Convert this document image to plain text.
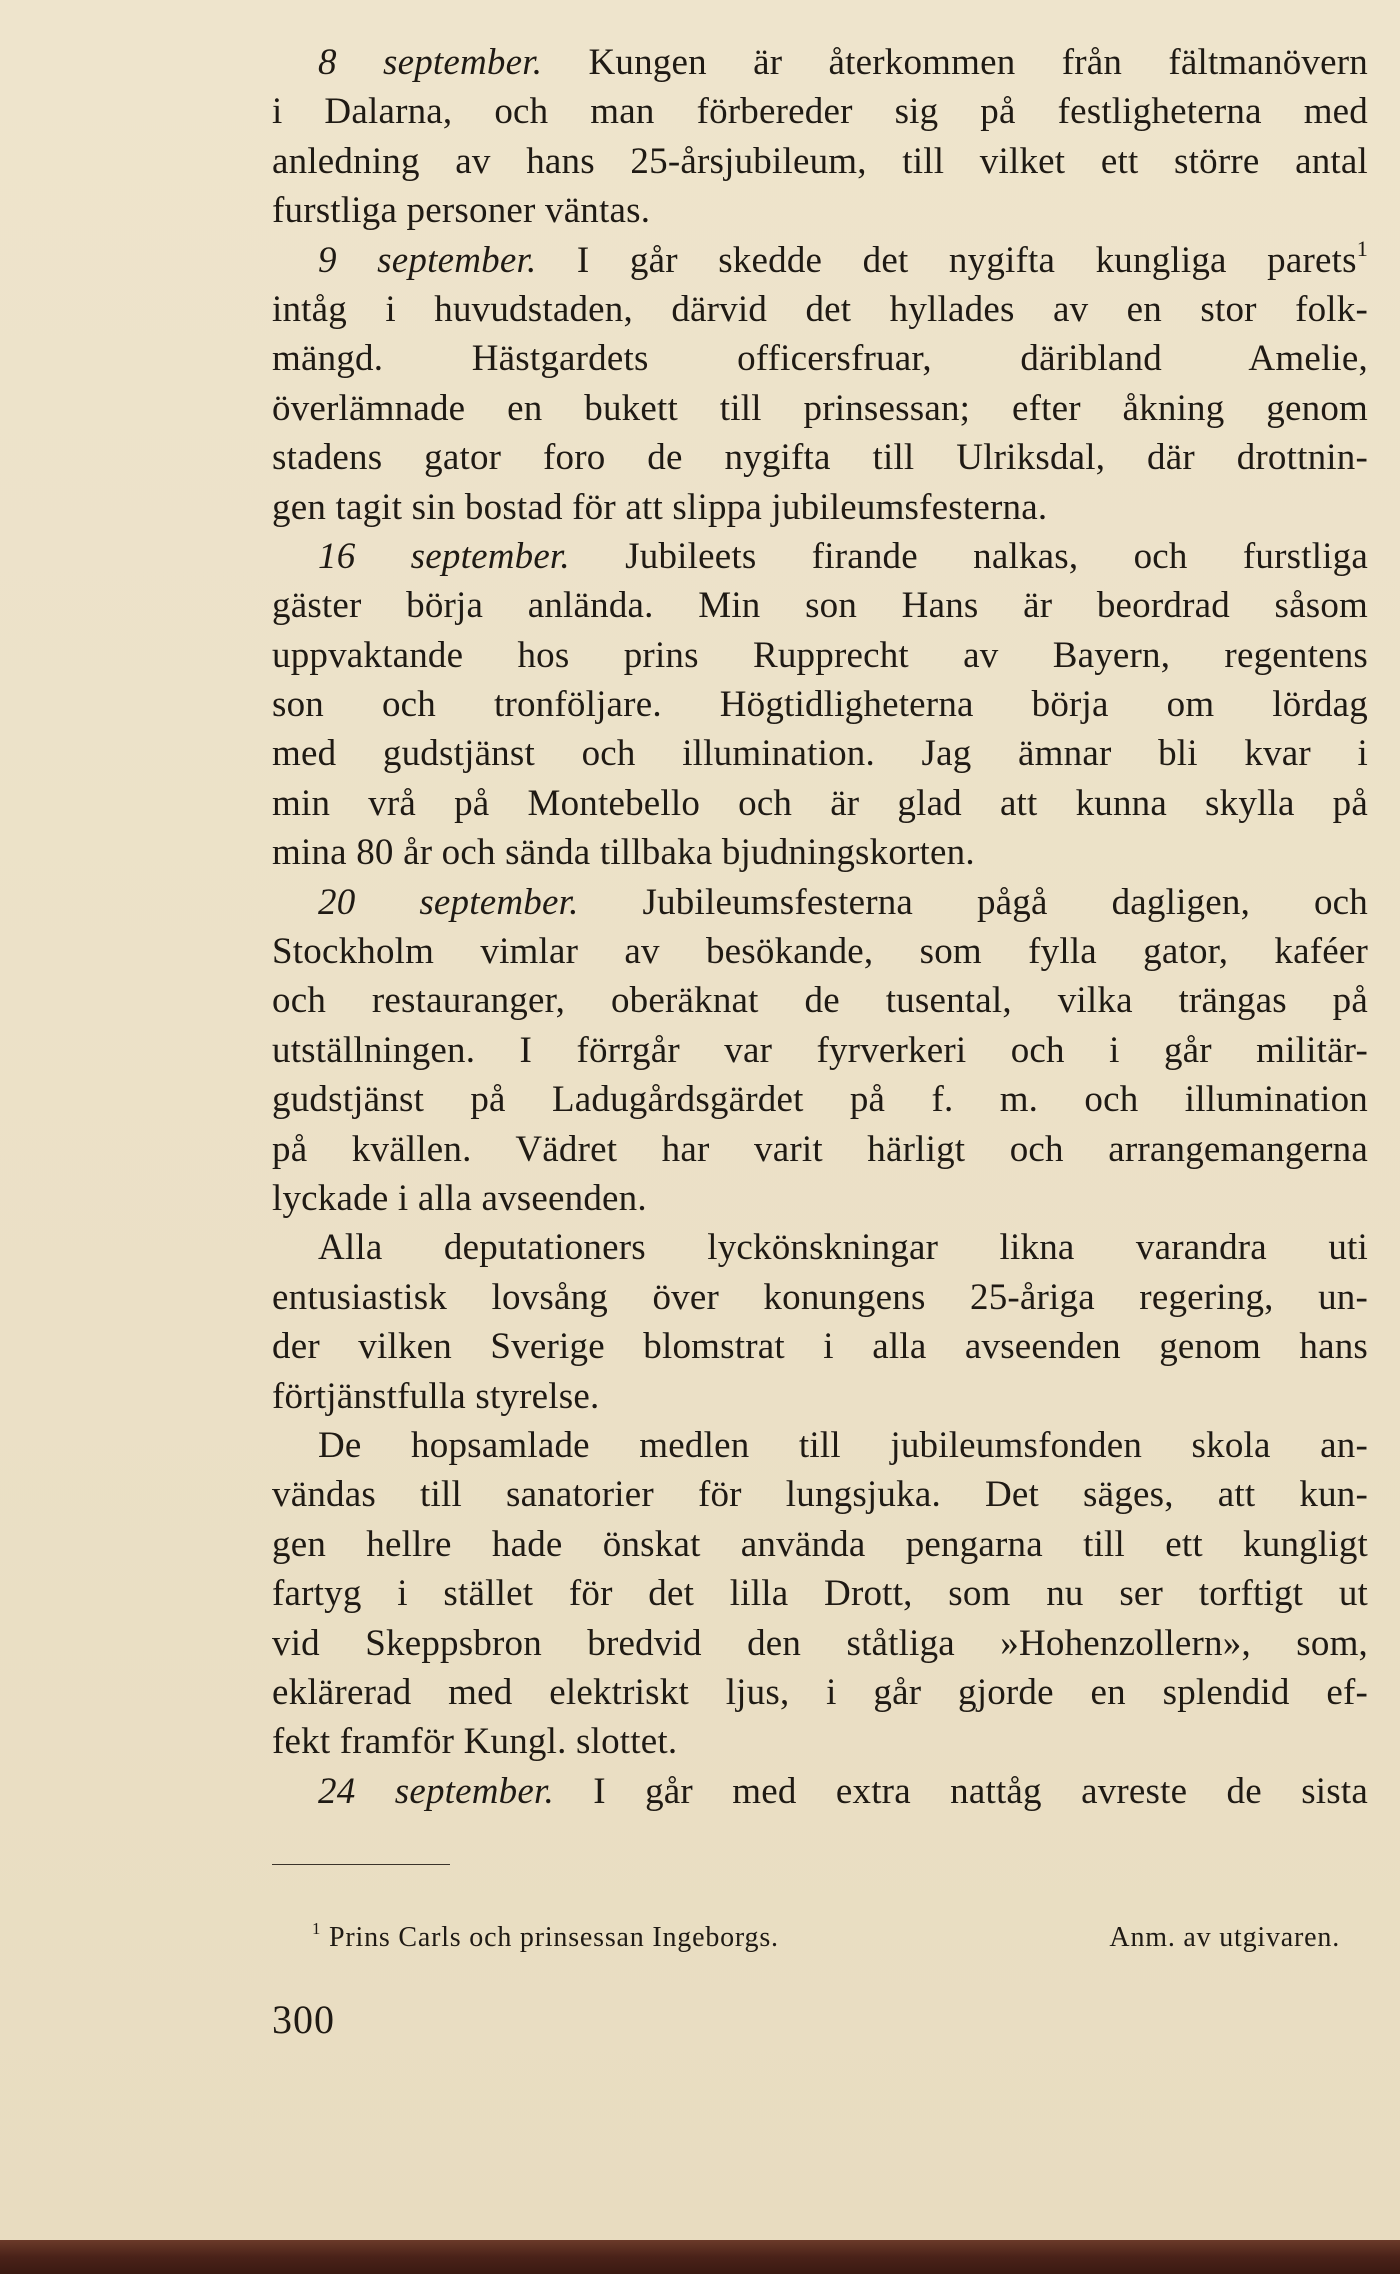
8 september. Kungen är återkommen från fältmanövern
i Dalarna, och man förbereder sig på festligheterna med
anledning av hans 25-årsjubileum, till vilket ett större antal
furstliga personer väntas.
9 september. I går skedde det nygifta kungliga parets$^1$
intåg i huvudstaden, därvid det hyllades av en stor folk-
mängd. Hästgardets officersfruar, däribland Amelie,
överlämnade en bukett till prinsessan; efter åkning genom
stadens gator foro de nygifta till Ulriksdal, där drottnin-
gen tagit sin bostad för att slippa jubileumsfesterna.
16 september. Jubileets firande nalkas, och furstliga
gäster börja anlända. Min son Hans är beordrad såsom
uppvaktande hos prins Rupprecht av Bayern, regentens
son och tronföljare. Högtidligheterna börja om lördag
med gudstjänst och illumination. Jag ämnar bli kvar i
min vrå på Montebello och är glad att kunna skylla på
mina 80 år och sända tillbaka bjudningskorten.
20 september. Jubileumsfesterna pågå dagligen, och
Stockholm vimlar av besökande, som fylla gator, kaféer
och restauranger, oberäknat de tusental, vilka trängas på
utställningen. I förrgår var fyrverkeri och i går militär-
gudstjänst på Ladugårdsgärdet på f. m. och illumination
på kvällen. Vädret har varit härligt och arrangemangerna
lyckade i alla avseenden.
Alla deputationers lyckönskningar likna varandra uti
entusiastisk lovsång över konungens 25-åriga regering, un-
der vilken Sverige blomstrat i alla avseenden genom hans
förtjänstfulla styrelse.
De hopsamlade medlen till jubileumsfonden skola an-
vändas till sanatorier för lungsjuka. Det säges, att kun-
gen hellre hade önskat använda pengarna till ett kungligt
fartyg i stället för det lilla Drott, som nu ser torftigt ut
vid Skeppsbron bredvid den ståtliga »Hohenzollern», som,
eklärerad med elektriskt ljus, i går gjorde en splendid ef-
fekt framför Kungl. slottet.
24 september. I går med extra nattåg avreste de sista
$^1$ Prins Carls och prinsessan Ingeborgs.	Anm. av utgivaren.
300
